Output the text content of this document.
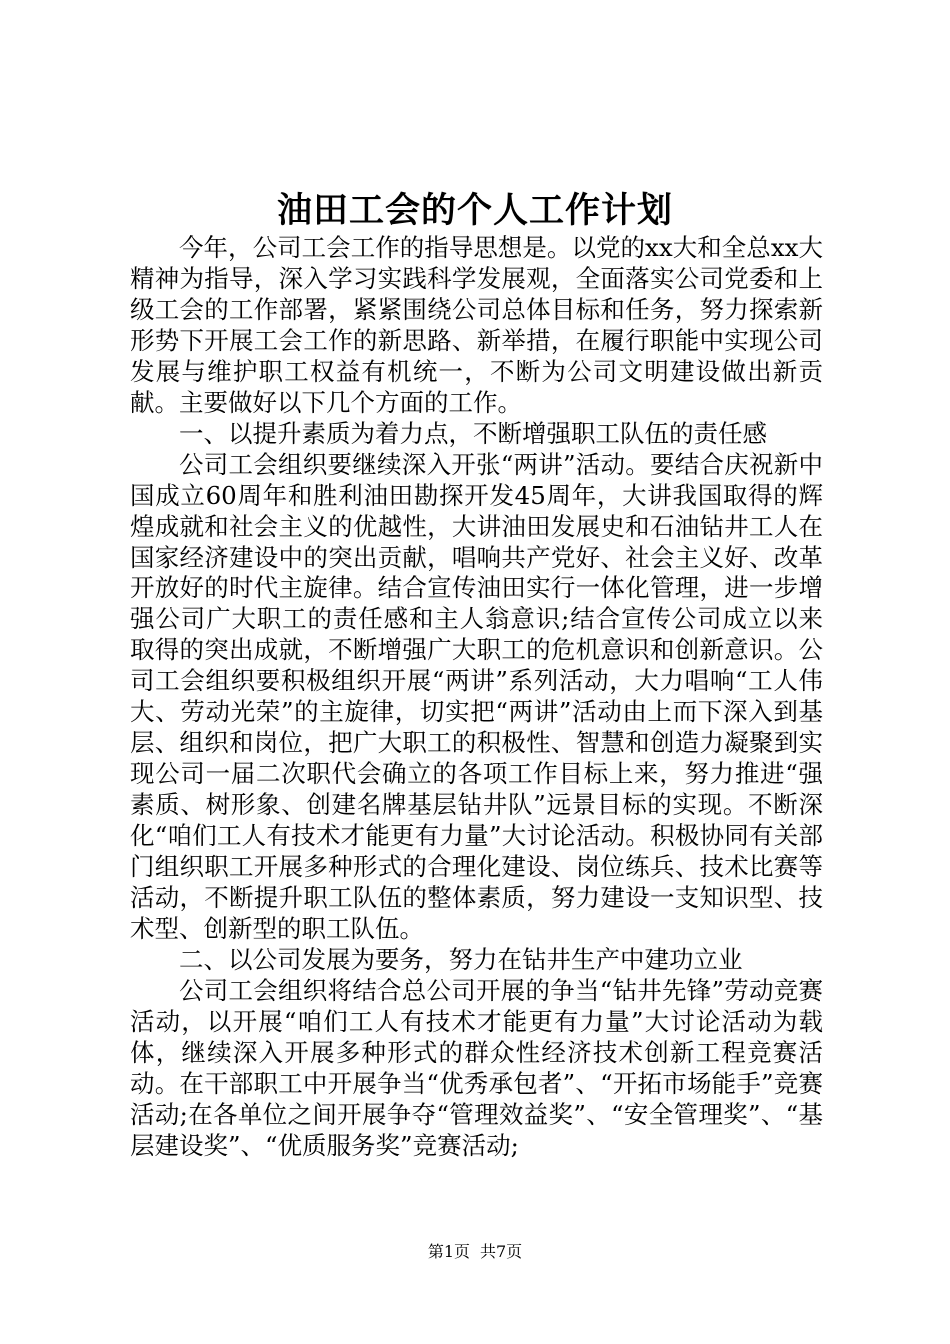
油田工会的个人工作计划

今年，公司工会工作的指导思想是。以党的xx大和全总xx大精神为指导，深入学习实践科学发展观，全面落实公司党委和上级工会的工作部署，紧紧围绕公司总体目标和任务，努力探索新形势下开展工会工作的新思路、新举措，在履行职能中实现公司发展与维护职工权益有机统一，不断为公司文明建设做出新贡献。主要做好以下几个方面的工作。

一、以提升素质为着力点，不断增强职工队伍的责任感

公司工会组织要继续深入开张“两讲”活动。要结合庆祝新中国成立60周年和胜利油田勘探开发45周年，大讲我国取得的辉煌成就和社会主义的优越性，大讲油田发展史和石油钻井工人在国家经济建设中的突出贡献，唱响共产党好、社会主义好、改革开放好的时代主旋律。结合宣传油田实行一体化管理，进一步增强公司广大职工的责任感和主人翁意识;结合宣传公司成立以来取得的突出成就，不断增强广大职工的危机意识和创新意识。公司工会组织要积极组织开展“两讲”系列活动，大力唱响“工人伟大、劳动光荣”的主旋律，切实把“两讲”活动由上而下深入到基层、组织和岗位，把广大职工的积极性、智慧和创造力凝聚到实现公司一届二次职代会确立的各项工作目标上来，努力推进“强素质、树形象、创建名牌基层钻井队”远景目标的实现。不断深化“咱们工人有技术才能更有力量”大讨论活动。积极协同有关部门组织职工开展多种形式的合理化建设、岗位练兵、技术比赛等活动，不断提升职工队伍的整体素质，努力建设一支知识型、技术型、创新型的职工队伍。

二、以公司发展为要务，努力在钻井生产中建功立业

公司工会组织将结合总公司开展的争当“钻井先锋”劳动竞赛活动，以开展“咱们工人有技术才能更有力量”大讨论活动为载体，继续深入开展多种形式的群众性经济技术创新工程竞赛活动。在干部职工中开展争当“优秀承包者”、“开拓市场能手”竞赛活动;在各单位之间开展争夺“管理效益奖”、“安全管理奖”、“基层建设奖”、“优质服务奖”竞赛活动;

第1页 共7页
